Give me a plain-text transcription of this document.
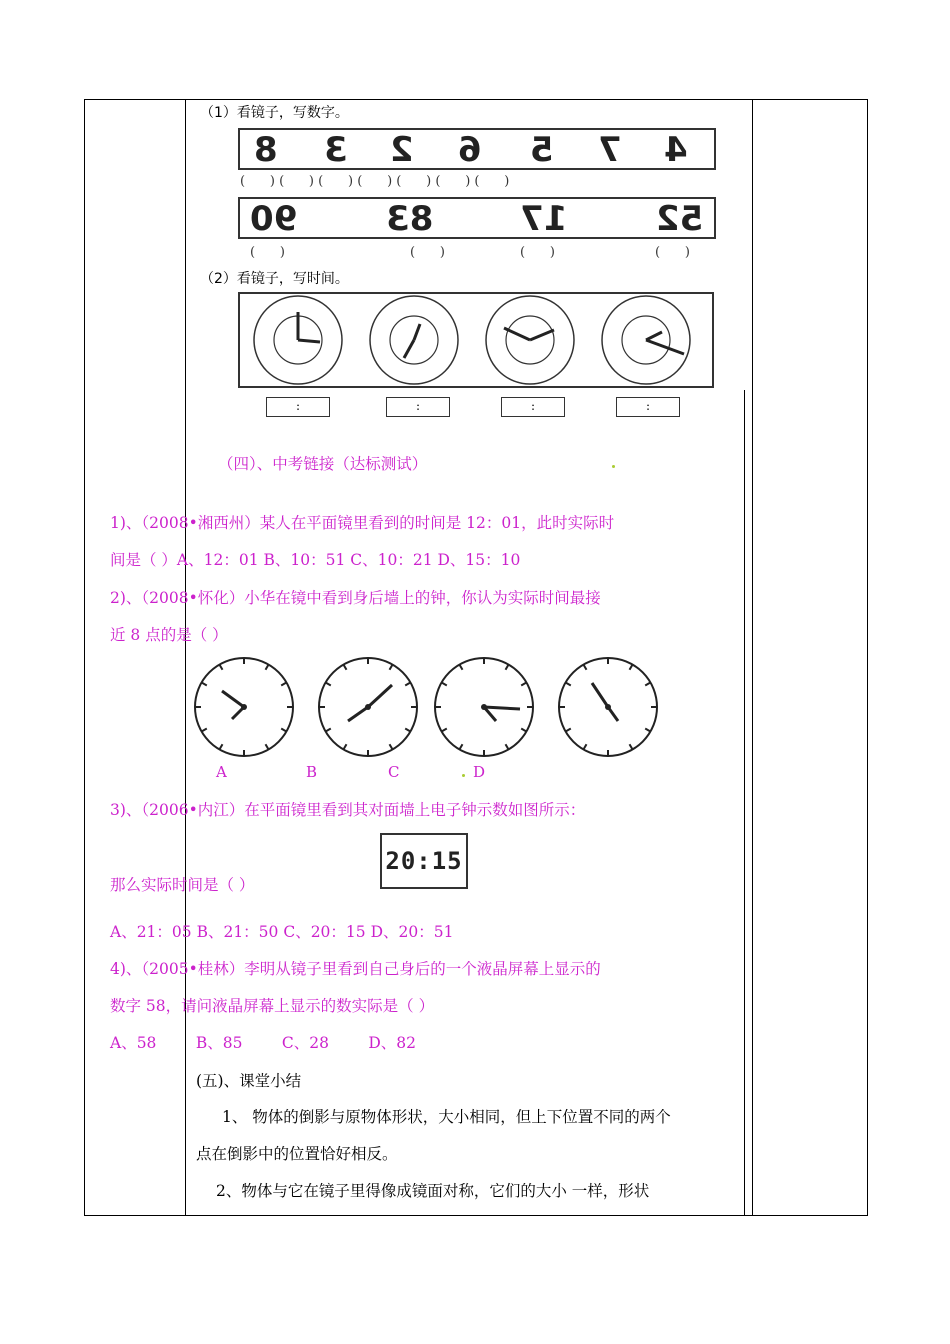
（1）看镜子，写数字。
8 3 2 6 5 7 4
(      ) (      ) (      ) (      ) (      ) (      ) (      )
90	83	17	52
(      )	(      )	(      )	(      )
（2）看镜子，写时间。
:	:	:	:
（四）、中考链接（达标测试）
1)、（2008•湘西州）某人在平面镜里看到的时间是 12：01，此时实际时
间是（ ）A、12：01 B、10：51 C、10：21 D、15：10
2)、（2008•怀化）小华在镜中看到身后墙上的钟，你认为实际时间最接
近 8 点的是（ ）
A	B	C	D
3)、（2006•内江）在平面镜里看到其对面墙上电子钟示数如图所示：
20:15
那么实际时间是（ ）
A、21：05 B、21：50 C、20：15 D、20：51
4)、（2005•桂林）李明从镜子里看到自己身后的一个液晶屏幕上显示的
数字 58，请问液晶屏幕上显示的数实际是（ ）
A、58        B、85        C、28        D、82
(五)、课堂小结
1、 物体的倒影与原物体形状，大小相同，但上下位置不同的两个
点在倒影中的位置恰好相反。
2、物体与它在镜子里得像成镜面对称，它们的大小 一样，形状
